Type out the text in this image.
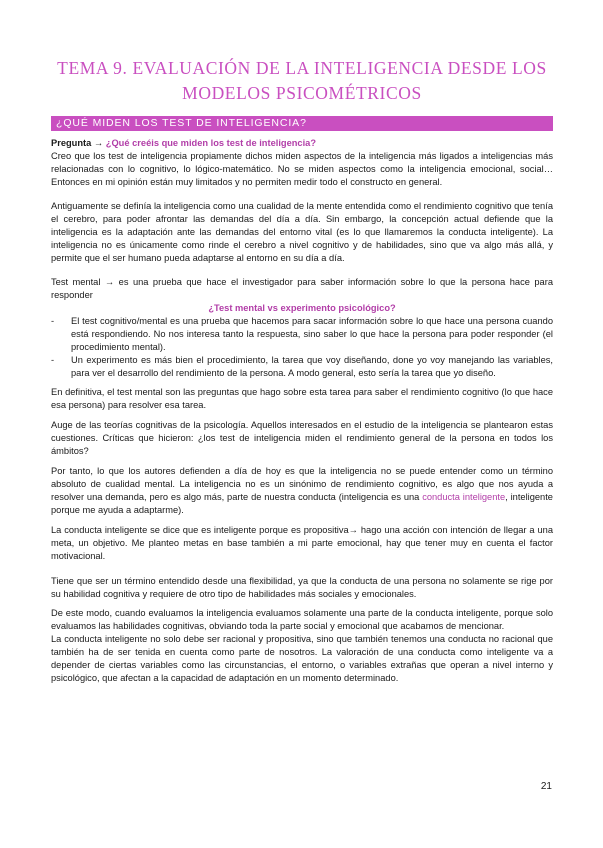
TEMA 9. EVALUACIÓN DE LA INTELIGENCIA DESDE LOS MODELOS PSICOMÉTRICOS
¿QUÉ MIDEN LOS TEST DE INTELIGENCIA?

Pregunta → ¿Qué creéis que miden los test de inteligencia?

Creo que los test de inteligencia propiamente dichos miden aspectos de la inteligencia más ligados a inteligencias más relacionadas con lo cognitivo, lo lógico-matemático. No se miden aspectos como la inteligencia emocional, social… Entonces en mi opinión están muy limitados y no permiten medir todo el constructo en general.

Antiguamente se definía la inteligencia como una cualidad de la mente entendida como el rendimiento cognitivo que tenía el cerebro, para poder afrontar las demandas del día a día. Sin embargo, la concepción actual defiende que la inteligencia es la adaptación ante las demandas del entorno vital (es lo que llamaremos la conducta inteligente). La inteligencia no es únicamente como rinde el cerebro a nivel cognitivo y de habilidades, sino que va algo más allá, y permite que el ser humano pueda adaptarse al entorno en su día a día.

Test mental → es una prueba que hace el investigador para saber información sobre lo que la persona hace para responder

¿Test mental vs experimento psicológico?

- El test cognitivo/mental es una prueba que hacemos para sacar información sobre lo que hace una persona cuando está respondiendo. No nos interesa tanto la respuesta, sino saber lo que hace la persona para poder responder (el procedimiento mental).
- Un experimento es más bien el procedimiento, la tarea que voy diseñando, done yo voy manejando las variables, para ver el desarrollo del rendimiento de la persona. A modo general, esto sería la tarea que yo diseño.

En definitiva, el test mental son las preguntas que hago sobre esta tarea para saber el rendimiento cognitivo (lo que hace esa persona) para resolver esa tarea.

Auge de las teorías cognitivas de la psicología. Aquellos interesados en el estudio de la inteligencia se plantearon estas cuestiones. Críticas que hicieron: ¿los test de inteligencia miden el rendimiento general de la persona en todos los ámbitos?

Por tanto, lo que los autores defienden a día de hoy es que la inteligencia no se puede entender como un término absoluto de cualidad mental. La inteligencia no es un sinónimo de rendimiento cognitivo, es algo que nos ayuda a resolver una demanda, pero es algo más, parte de nuestra conducta (inteligencia es una conducta inteligente, inteligente porque me ayuda a adaptarme).

La conducta inteligente se dice que es inteligente porque es propositiva→ hago una acción con intención de llegar a una meta, un objetivo. Me planteo metas en base también a mi parte emocional, hay que tener muy en cuenta el factor motivacional.

Tiene que ser un término entendido desde una flexibilidad, ya que la conducta de una persona no solamente se rige por su habilidad cognitiva y requiere de otro tipo de habilidades más sociales y emocionales.

De este modo, cuando evaluamos la inteligencia evaluamos solamente una parte de la conducta inteligente, porque solo evaluamos las habilidades cognitivas, obviando toda la parte social y emocional que acabamos de mencionar.

La conducta inteligente no solo debe ser racional y propositiva, sino que también tenemos una conducta no racional que también ha de ser tenida en cuenta como parte de nosotros. La valoración de una conducta como inteligente va a depender de ciertas variables como las circunstancias, el entorno, o variables extrañas que operan a nivel interno y psicológico, que afectan a la capacidad de adaptación en un momento determinado.

21
